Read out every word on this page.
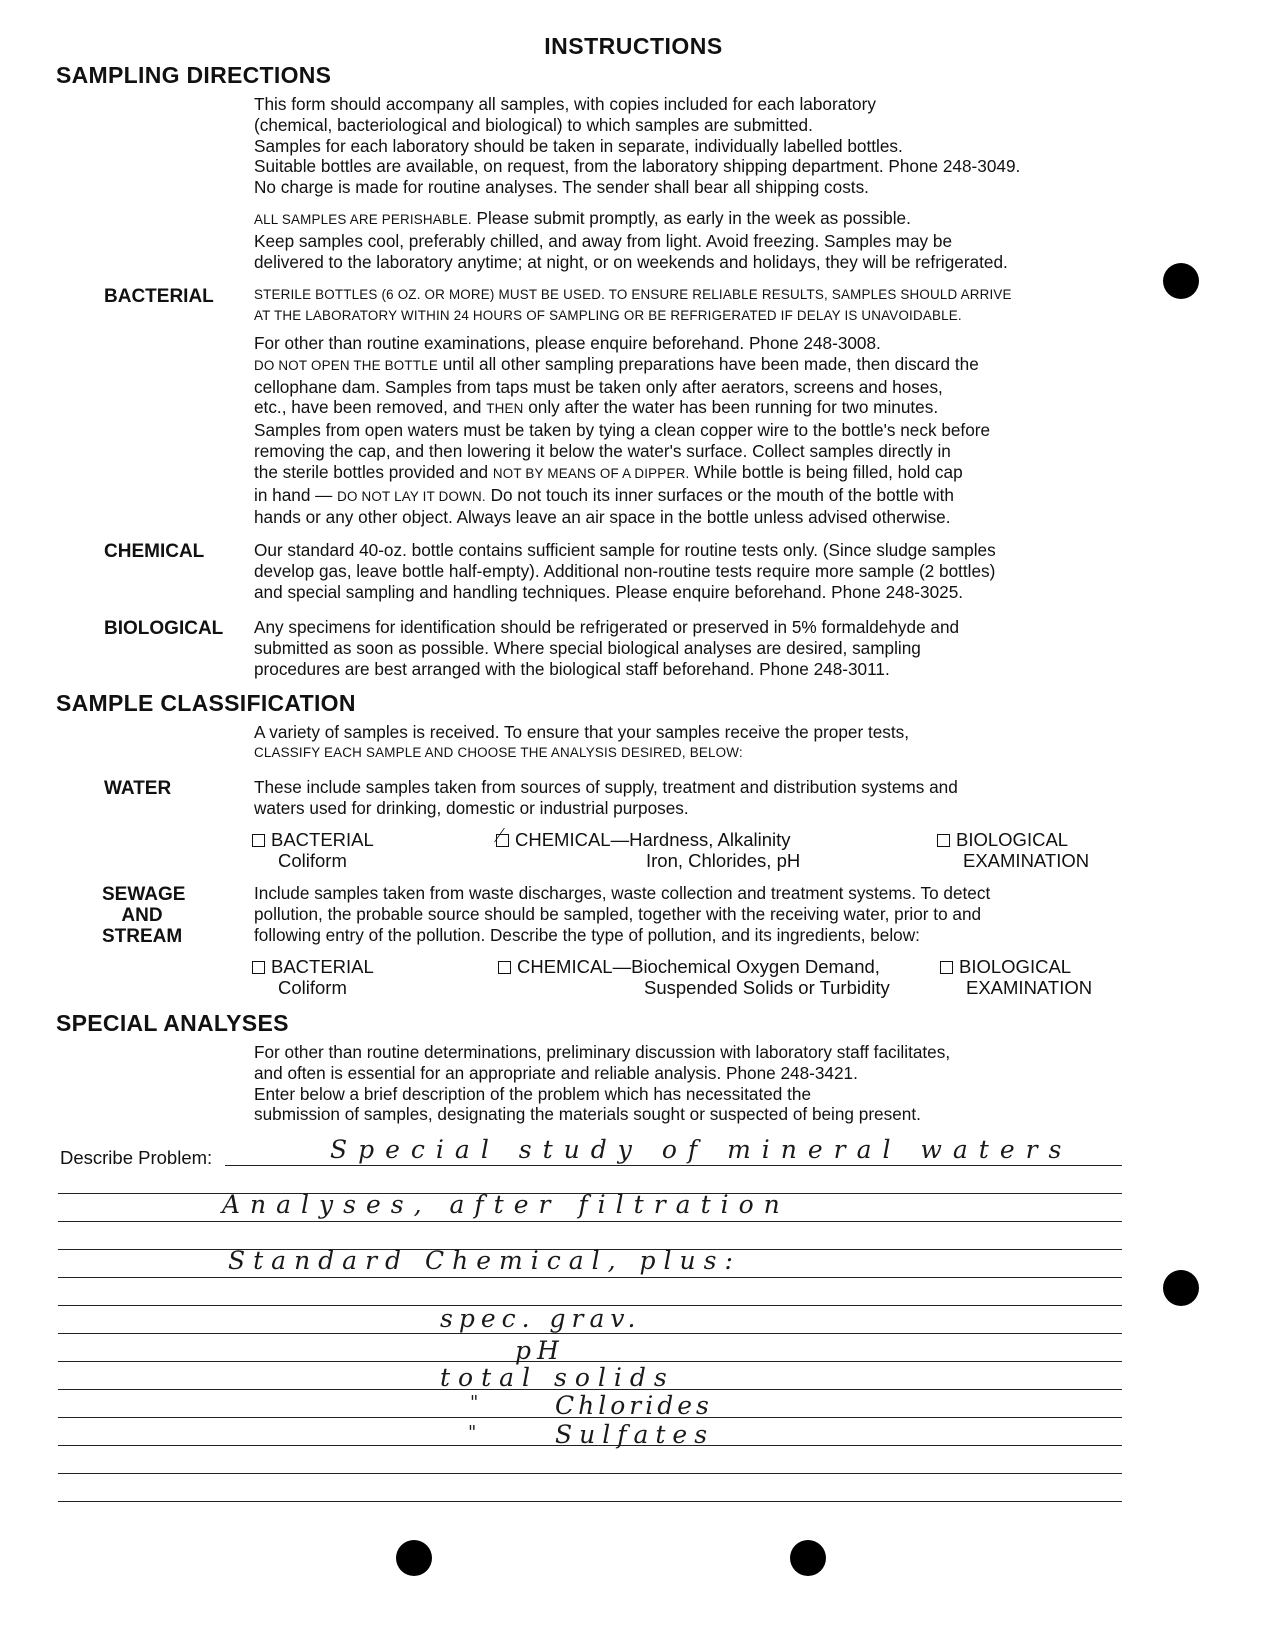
INSTRUCTIONS
SAMPLING DIRECTIONS
This form should accompany all samples, with copies included for each laboratory
(chemical, bacteriological and biological) to which samples are submitted.
Samples for each laboratory should be taken in separate, individually labelled bottles.
Suitable bottles are available, on request, from the laboratory shipping department. Phone 248-3049.
No charge is made for routine analyses. The sender shall bear all shipping costs.
ALL SAMPLES ARE PERISHABLE. Please submit promptly, as early in the week as possible.
Keep samples cool, preferably chilled, and away from light. Avoid freezing. Samples may be
delivered to the laboratory anytime; at night, or on weekends and holidays, they will be refrigerated.
BACTERIAL	STERILE BOTTLES (6 OZ. OR MORE) MUST BE USED. TO ENSURE RELIABLE RESULTS, SAMPLES SHOULD ARRIVE
AT THE LABORATORY WITHIN 24 HOURS OF SAMPLING OR BE REFRIGERATED IF DELAY IS UNAVOIDABLE.
For other than routine examinations, please enquire beforehand. Phone 248-3008.
DO NOT OPEN THE BOTTLE until all other sampling preparations have been made, then discard the
cellophane dam. Samples from taps must be taken only after aerators, screens and hoses,
etc., have been removed, and THEN only after the water has been running for two minutes.
Samples from open waters must be taken by tying a clean copper wire to the bottle's neck before
removing the cap, and then lowering it below the water's surface. Collect samples directly in
the sterile bottles provided and NOT BY MEANS OF A DIPPER. While bottle is being filled, hold cap
in hand — DO NOT LAY IT DOWN. Do not touch its inner surfaces or the mouth of the bottle with
hands or any other object. Always leave an air space in the bottle unless advised otherwise.
CHEMICAL	Our standard 40-oz. bottle contains sufficient sample for routine tests only. (Since sludge samples
develop gas, leave bottle half-empty). Additional non-routine tests require more sample (2 bottles)
and special sampling and handling techniques. Please enquire beforehand. Phone 248-3025.
BIOLOGICAL Any specimens for identification should be refrigerated or preserved in 5% formaldehyde and
submitted as soon as possible. Where special biological analyses are desired, sampling
procedures are best arranged with the biological staff beforehand. Phone 248-3011.
SAMPLE CLASSIFICATION
A variety of samples is received. To ensure that your samples receive the proper tests,
CLASSIFY EACH SAMPLE AND CHOOSE THE ANALYSIS DESIRED, BELOW:
WATER	These include samples taken from sources of supply, treatment and distribution systems and
waters used for drinking, domestic or industrial purposes.
BACTERIAL
Coliform
CHEMICAL—Hardness, Alkalinity
Iron, Chlorides, pH
BIOLOGICAL
EXAMINATION
SEWAGE
AND
STREAM
Include samples taken from waste discharges, waste collection and treatment systems. To detect
pollution, the probable source should be sampled, together with the receiving water, prior to and
following entry of the pollution. Describe the type of pollution, and its ingredients, below:
BACTERIAL
Coliform
CHEMICAL—Biochemical Oxygen Demand,
Suspended Solids or Turbidity
BIOLOGICAL
EXAMINATION
SPECIAL ANALYSES
For other than routine determinations, preliminary discussion with laboratory staff facilitates,
and often is essential for an appropriate and reliable analysis. Phone 248-3421.
Enter below a brief description of the problem which has necessitated the
submission of samples, designating the materials sought or suspected of being present.
Describe Problem:	Special study of mineral waters
Analyses, after filtration
Standard Chemical, plus:
spec. grav.
pH
total solids
"	Chlorides
"	Sulfates
